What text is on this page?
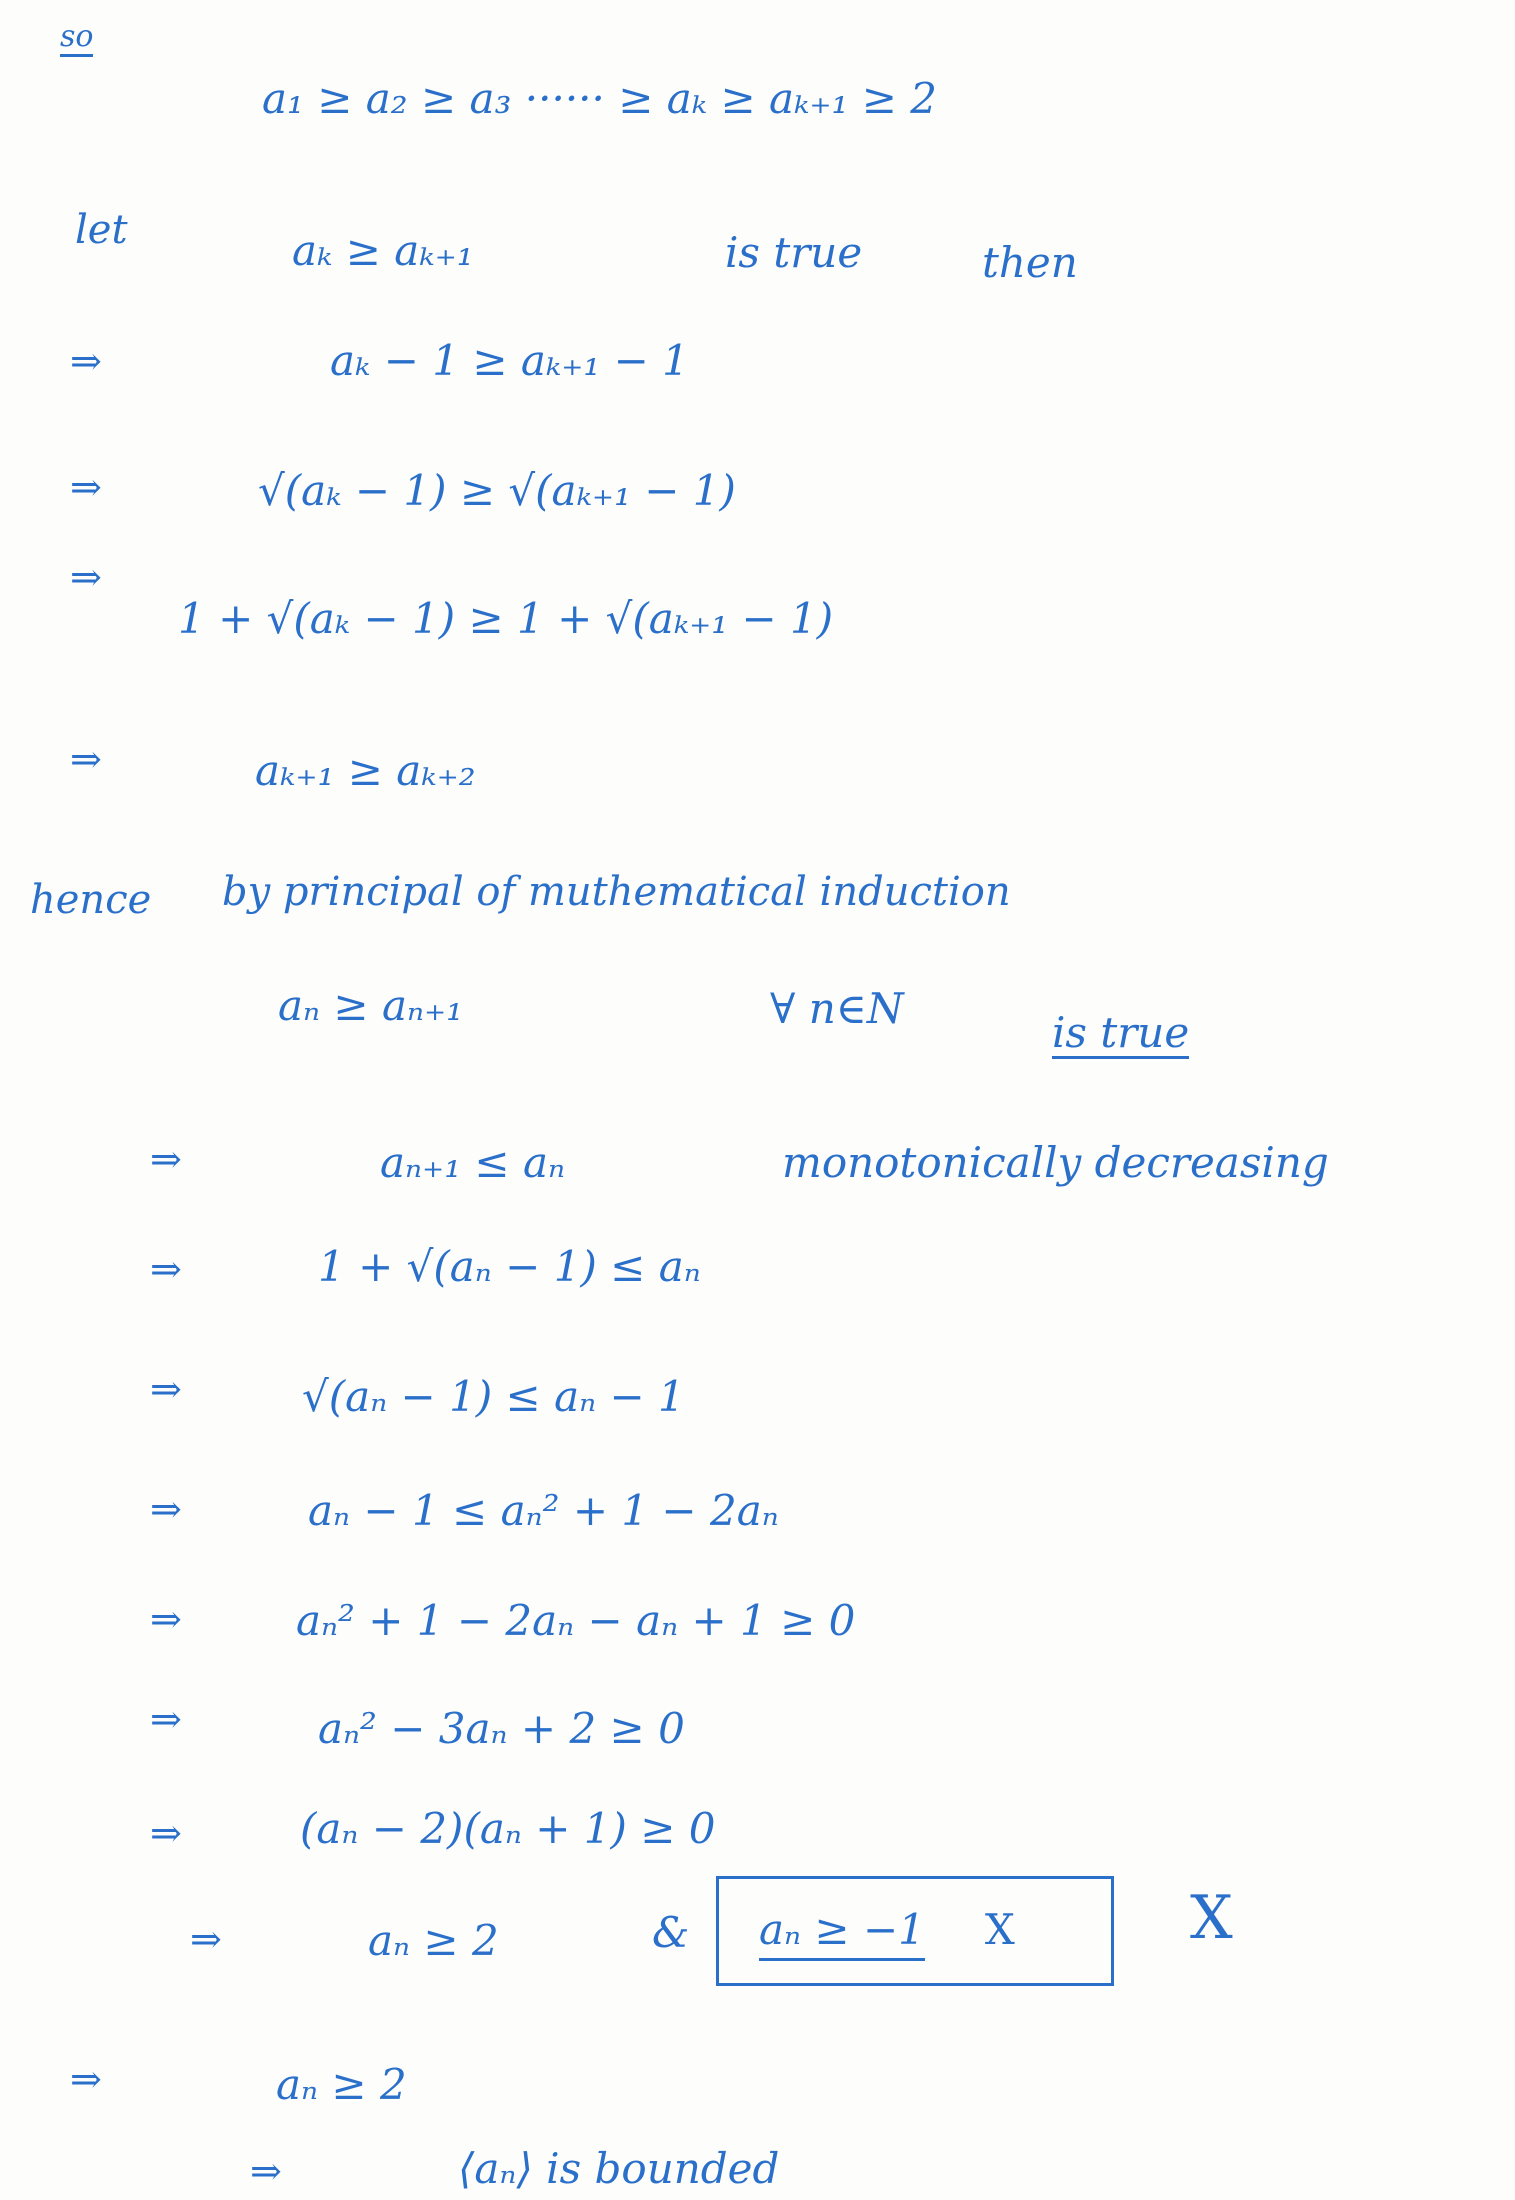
so
a₁ ≥ a₂ ≥ a₃ ······ ≥ aₖ ≥ aₖ₊₁ ≥ 2
let	aₖ ≥ aₖ₊₁	is true	then
⇒	aₖ − 1 ≥ aₖ₊₁ − 1
⇒	√(aₖ − 1) ≥ √(aₖ₊₁ − 1)
⇒
1 + √(aₖ − 1) ≥ 1 + √(aₖ₊₁ − 1)
⇒	aₖ₊₁ ≥ aₖ₊₂
hence by principal of muthematical induction
aₙ ≥ aₙ₊₁	∀ n∈N	is true
⇒	aₙ₊₁ ≤ aₙ	monotonically decreasing
⇒	1 + √(aₙ − 1) ≤ aₙ
⇒	√(aₙ − 1) ≤ aₙ − 1
⇒	aₙ − 1 ≤ aₙ² + 1 − 2aₙ
⇒	aₙ² + 1 − 2aₙ − aₙ + 1 ≥ 0
⇒	aₙ² − 3aₙ + 2 ≥ 0
⇒	(aₙ − 2)(aₙ + 1) ≥ 0
⇒	aₙ ≥ 2	& aₙ ≥ −1 X	X
⇒	aₙ ≥ 2
⇒	⟨aₙ⟩ is bounded
